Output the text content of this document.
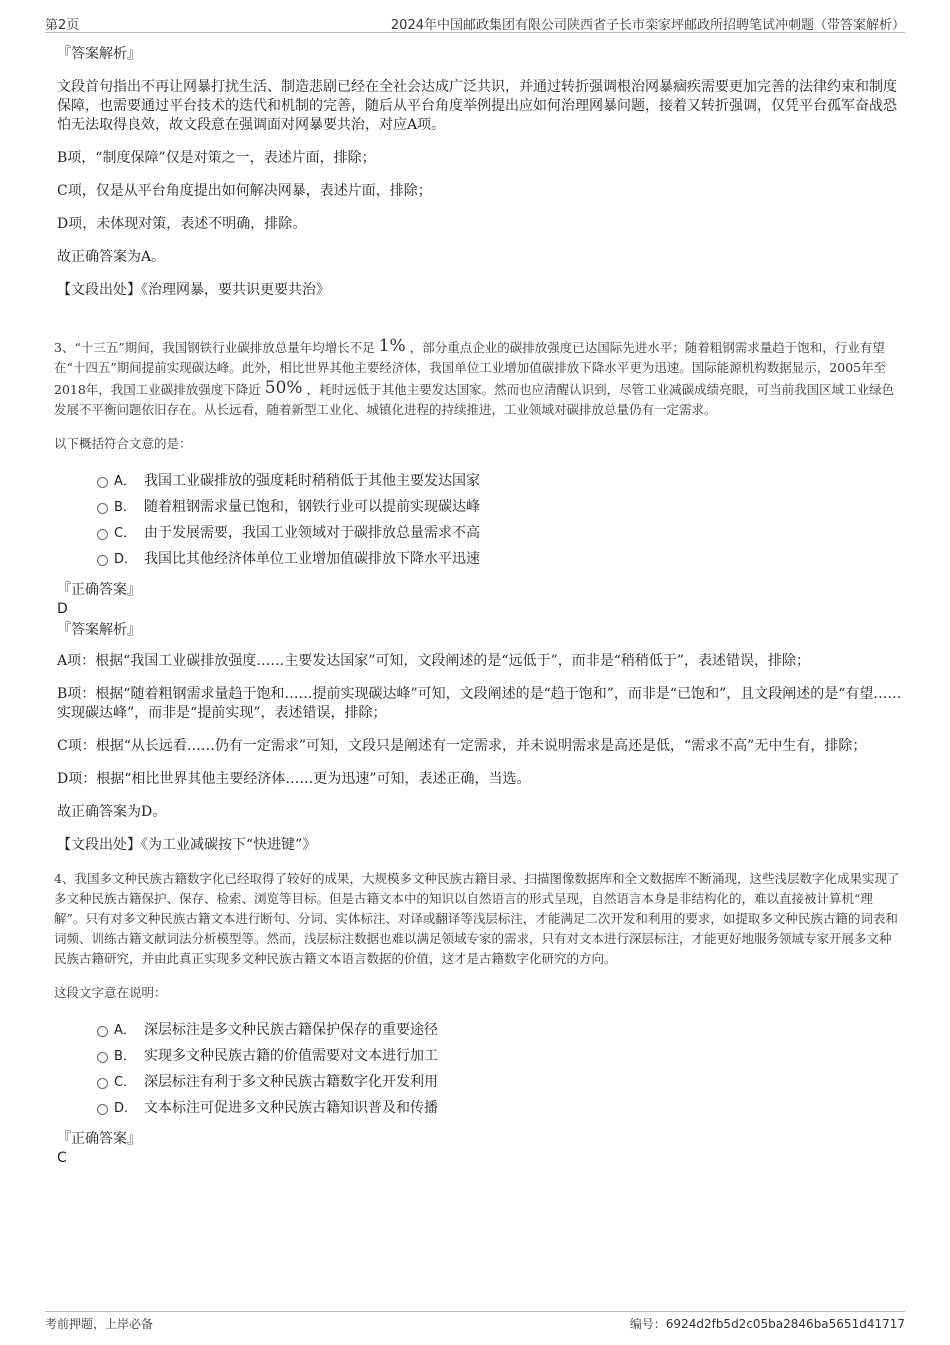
第2页	2024年中国邮政集团有限公司陕西省子长市栾家坪邮政所招聘笔试冲刺题（带答案解析）

『答案解析』

文段首句指出不再让网暴打扰生活、制造悲剧已经在全社会达成广泛共识，并通过转折强调根治网暴痼疾需要更加完善的法律约束和制度保障，也需要通过平台技术的迭代和机制的完善，随后从平台角度举例提出应如何治理网暴问题，接着又转折强调，仅凭平台孤军奋战恐怕无法取得良效，故文段意在强调面对网暴要共治，对应A项。

B项，“制度保障”仅是对策之一，表述片面，排除；

C项，仅是从平台角度提出如何解决网暴，表述片面，排除；

D项，未体现对策，表述不明确，排除。

故正确答案为A。

【文段出处】《治理网暴，要共识更要共治》

3、“十三五”期间，我国钢铁行业碳排放总量年均增长不足 1% ，部分重点企业的碳排放强度已达国际先进水平；随着粗钢需求量趋于饱和，行业有望在“十四五”期间提前实现碳达峰。此外，相比世界其他主要经济体，我国单位工业增加值碳排放下降水平更为迅速。国际能源机构数据显示，2005年至2018年，我国工业碳排放强度下降近 50% ，耗时远低于其他主要发达国家。然而也应清醒认识到，尽管工业减碳成绩亮眼，可当前我国区域工业绿色发展不平衡问题依旧存在。从长远看，随着新型工业化、城镇化进程的持续推进，工业领域对碳排放总量仍有一定需求。

以下概括符合文意的是：

A． 我国工业碳排放的强度耗时稍稍低于其他主要发达国家
B． 随着粗钢需求量已饱和，钢铁行业可以提前实现碳达峰
C． 由于发展需要，我国工业领域对于碳排放总量需求不高
D． 我国比其他经济体单位工业增加值碳排放下降水平迅速

『正确答案』

D

『答案解析』

A项：根据“我国工业碳排放强度……主要发达国家”可知，文段阐述的是“远低于”，而非是“稍稍低于”，表述错误，排除；

B项：根据“随着粗钢需求量趋于饱和……提前实现碳达峰”可知，文段阐述的是“趋于饱和”，而非是“已饱和”，且文段阐述的是“有望……实现碳达峰”，而非是“提前实现”，表述错误，排除；

C项：根据“从长远看……仍有一定需求”可知，文段只是阐述有一定需求，并未说明需求是高还是低，“需求不高”无中生有，排除；

D项：根据“相比世界其他主要经济体……更为迅速”可知，表述正确，当选。

故正确答案为D。

【文段出处】《为工业减碳按下“快进键”》

4、我国多文种民族古籍数字化已经取得了较好的成果，大规模多文种民族古籍目录、扫描图像数据库和全文数据库不断涌现，这些浅层数字化成果实现了多文种民族古籍保护、保存、检索、浏览等目标。但是古籍文本中的知识以自然语言的形式呈现，自然语言本身是非结构化的，难以直接被计算机“理解”。只有对多文种民族古籍文本进行断句、分词、实体标注、对译或翻译等浅层标注，才能满足二次开发和利用的要求，如提取多文种民族古籍的词表和词频、训练古籍文献词法分析模型等。然而，浅层标注数据也难以满足领域专家的需求，只有对文本进行深层标注，才能更好地服务领域专家开展多文种民族古籍研究，并由此真正实现多文种民族古籍文本语言数据的价值，这才是古籍数字化研究的方向。

这段文字意在说明：

A． 深层标注是多文种民族古籍保护保存的重要途径
B． 实现多文种民族古籍的价值需要对文本进行加工
C． 深层标注有利于多文种民族古籍数字化开发利用
D． 文本标注可促进多文种民族古籍知识普及和传播

『正确答案』

C

考前押题，上岸必备	编号：6924d2fb5d2c05ba2846ba5651d41717
